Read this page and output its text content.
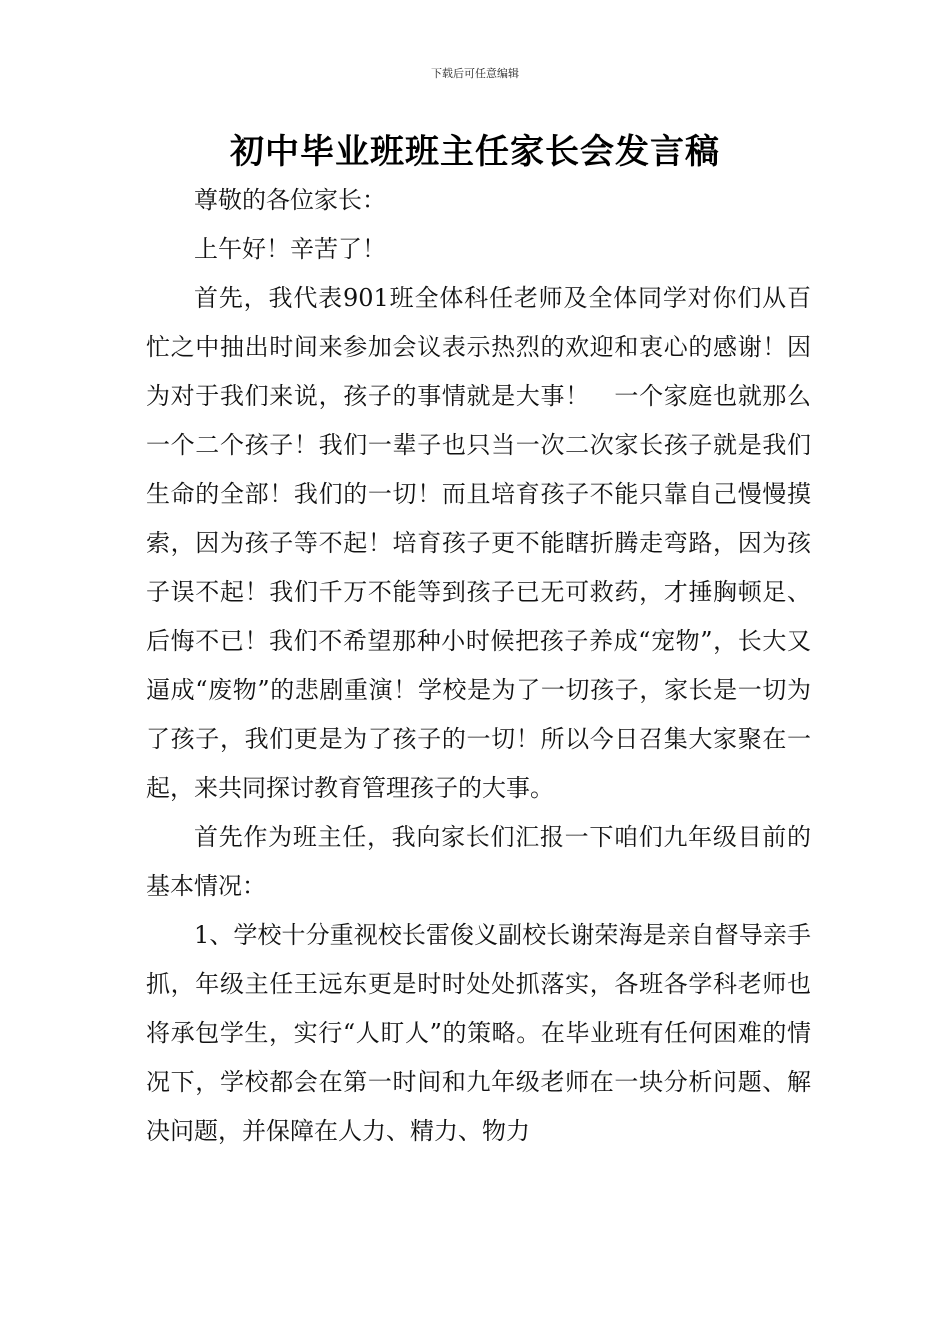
下载后可任意编辑
初中毕业班班主任家长会发言稿

尊敬的各位家长：

上午好！辛苦了！

首先，我代表901班全体科任老师及全体同学对你们从百忙之中抽出时间来参加会议表示热烈的欢迎和衷心的感谢！因为对于我们来说，孩子的事情就是大事！　一个家庭也就那么一个二个孩子！我们一辈子也只当一次二次家长孩子就是我们生命的全部！我们的一切！而且培育孩子不能只靠自己慢慢摸索，因为孩子等不起！培育孩子更不能瞎折腾走弯路，因为孩子误不起！我们千万不能等到孩子已无可救药，才捶胸顿足、后悔不已！我们不希望那种小时候把孩子养成“宠物”，长大又逼成“废物”的悲剧重演！学校是为了一切孩子，家长是一切为了孩子，我们更是为了孩子的一切！所以今日召集大家聚在一起，来共同探讨教育管理孩子的大事。

首先作为班主任，我向家长们汇报一下咱们九年级目前的基本情况：

1、学校十分重视校长雷俊义副校长谢荣海是亲自督导亲手抓，年级主任王远东更是时时处处抓落实，各班各学科老师也将承包学生，实行“人盯人”的策略。在毕业班有任何困难的情况下，学校都会在第一时间和九年级老师在一块分析问题、解决问题，并保障在人力、精力、物力
